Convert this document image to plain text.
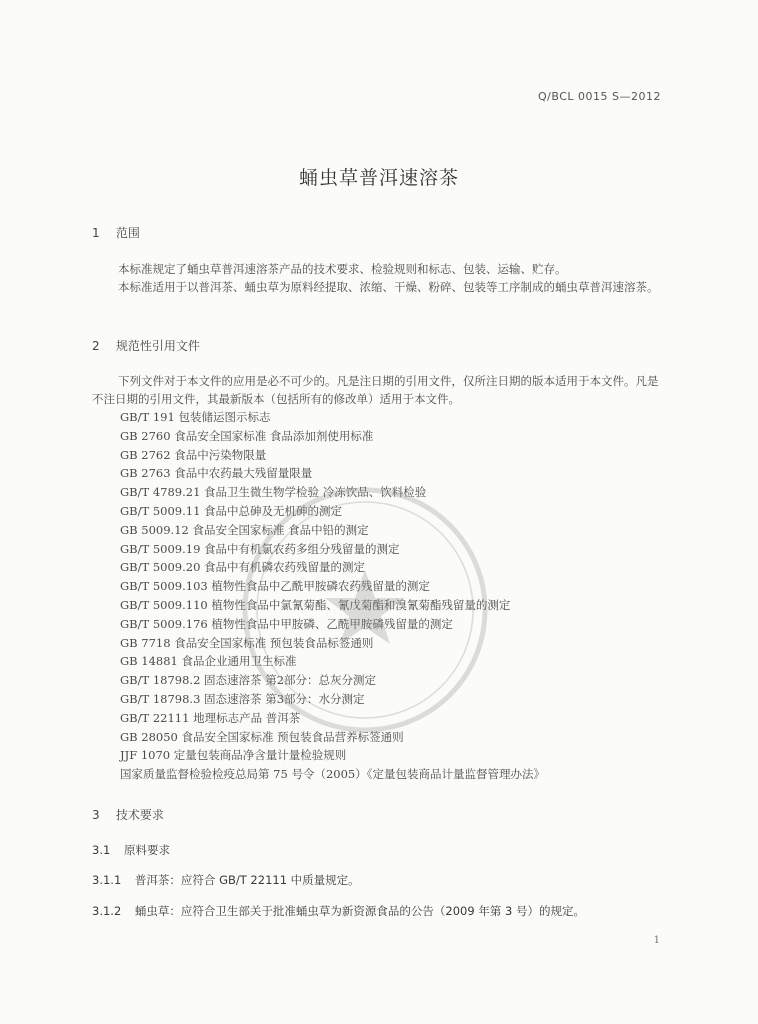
Q/BCL 0015 S—2012
蛹虫草普洱速溶茶
1 范围

本标准规定了蛹虫草普洱速溶茶产品的技术要求、检验规则和标志、包装、运输、贮存。

本标准适用于以普洱茶、蛹虫草为原料经提取、浓缩、干燥、粉碎、包装等工序制成的蛹虫草普洱速溶茶。

2 规范性引用文件

下列文件对于本文件的应用是必不可少的。凡是注日期的引用文件，仅所注日期的版本适用于本文件。凡是不注日期的引用文件，其最新版本（包括所有的修改单）适用于本文件。

GB/T 191 包装储运图示标志
GB 2760 食品安全国家标准 食品添加剂使用标准
GB 2762 食品中污染物限量
GB 2763 食品中农药最大残留量限量
GB/T 4789.21 食品卫生微生物学检验 冷冻饮品、饮料检验
GB/T 5009.11 食品中总砷及无机砷的测定
GB 5009.12 食品安全国家标准 食品中铅的测定
GB/T 5009.19 食品中有机氯农药多组分残留量的测定
GB/T 5009.20 食品中有机磷农药残留量的测定
GB/T 5009.103 植物性食品中乙酰甲胺磷农药残留量的测定
GB/T 5009.110 植物性食品中氯氰菊酯、氰戊菊酯和溴氰菊酯残留量的测定
GB/T 5009.176 植物性食品中甲胺磷、乙酰甲胺磷残留量的测定
GB 7718 食品安全国家标准 预包装食品标签通则
GB 14881 食品企业通用卫生标准
GB/T 18798.2 固态速溶茶 第2部分：总灰分测定
GB/T 18798.3 固态速溶茶 第3部分：水分测定
GB/T 22111 地理标志产品 普洱茶
GB 28050 食品安全国家标准 预包装食品营养标签通则
JJF 1070 定量包装商品净含量计量检验规则
国家质量监督检验检疫总局第 75 号令（2005）《定量包装商品计量监督管理办法》
3 技术要求
3.1 原料要求
3.1.1 普洱茶：应符合 GB/T 22111 中质量规定。
3.1.2 蛹虫草：应符合卫生部关于批准蛹虫草为新资源食品的公告（2009 年第 3 号）的规定。
1
